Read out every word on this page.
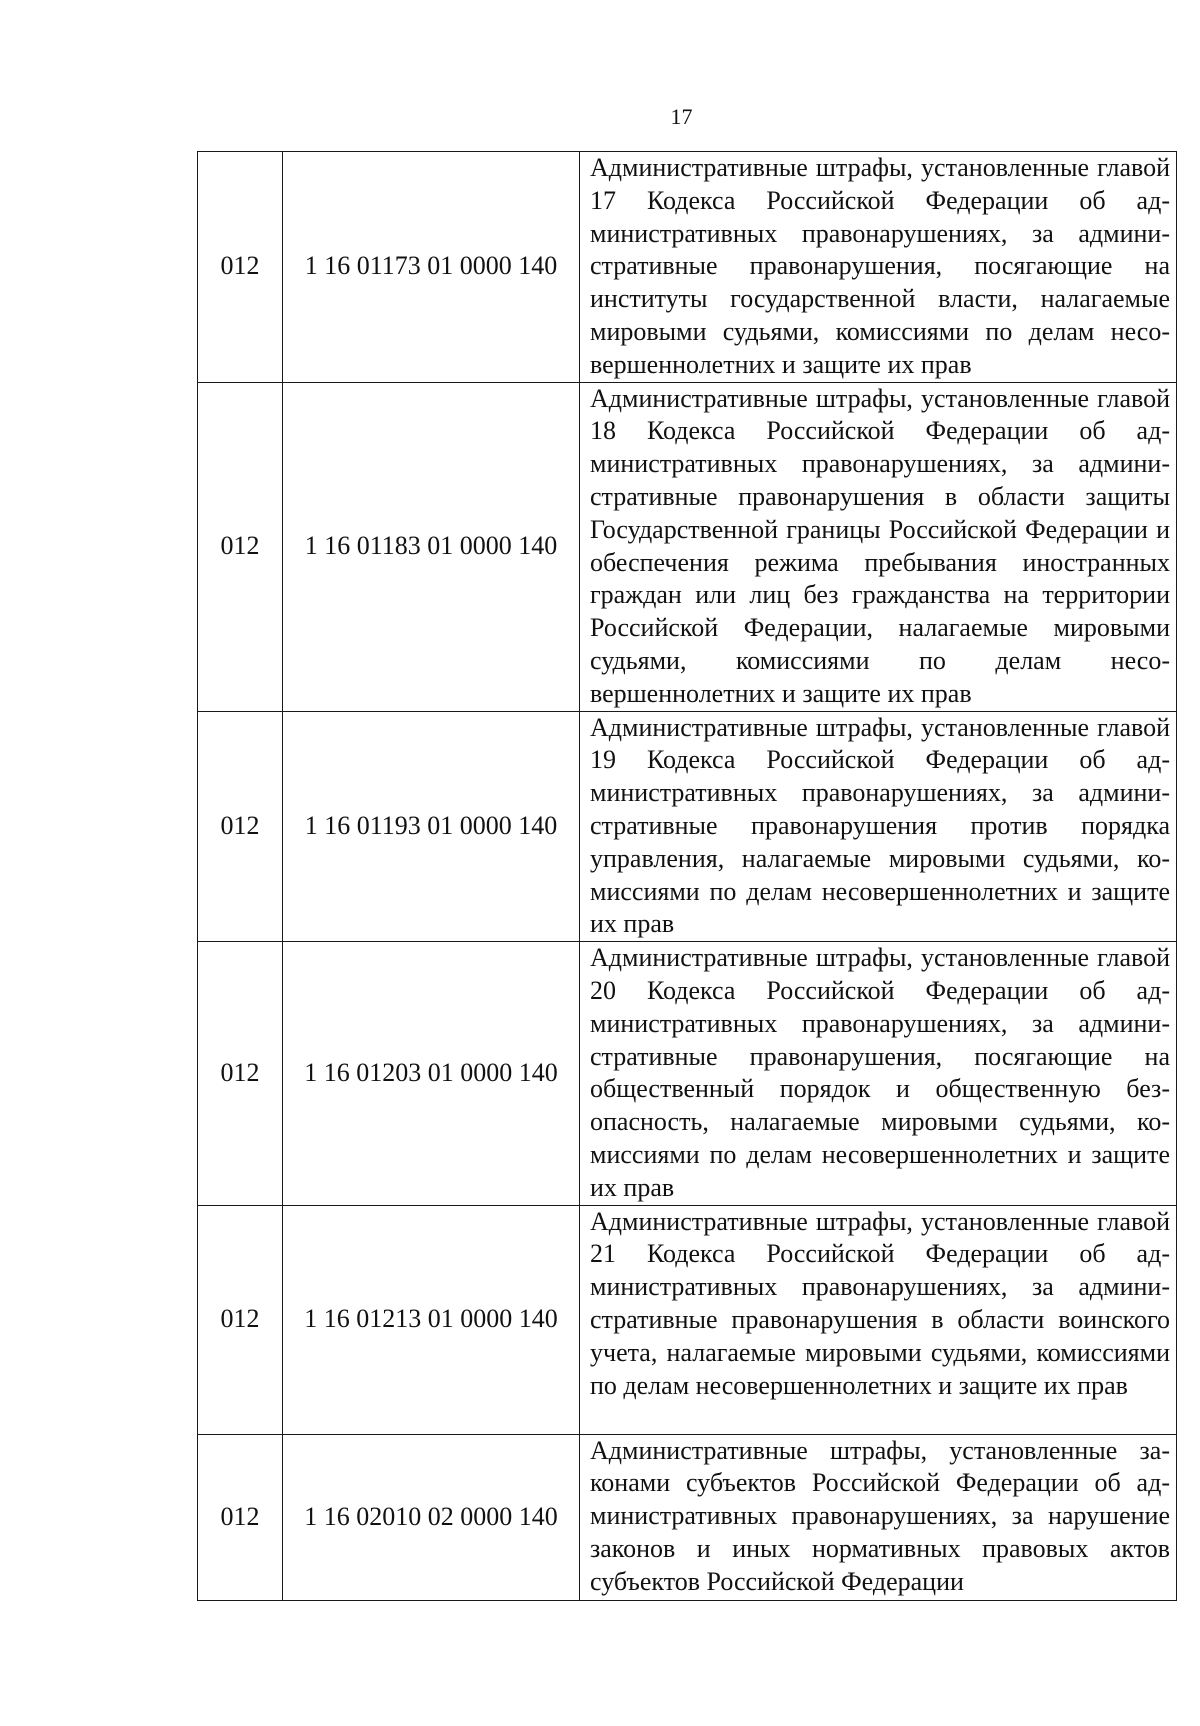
17
012	1 16 01173 01 0000 140	Административные штрафы, установленные главой 17 Кодекса Российской Федерации об административных правонарушениях, за административные правонарушения, посягающие на институты государственной власти, налагаемые мировыми судьями, комиссиями по делам несовершеннолетних и защите их прав

012	1 16 01183 01 0000 140	Административные штрафы, установленные главой 18 Кодекса Российской Федерации об административных правонарушениях, за административные правонарушения в области защиты Государственной границы Российской Федерации и обеспечения режима пребывания иностранных граждан или лиц без гражданства на территории Российской Федерации, налагаемые мировыми судьями, комиссиями по делам несовершеннолетних и защите их прав

012	1 16 01193 01 0000 140	Административные штрафы, установленные главой 19 Кодекса Российской Федерации об административных правонарушениях, за административные правонарушения против порядка управления, налагаемые мировыми судьями, комиссиями по делам несовершеннолетних и защите их прав

012	1 16 01203 01 0000 140	Административные штрафы, установленные главой 20 Кодекса Российской Федерации об административных правонарушениях, за административные правонарушения, посягающие на общественный порядок и общественную безопасность, налагаемые мировыми судьями, комиссиями по делам несовершеннолетних и защите их прав

012	1 16 01213 01 0000 140	Административные штрафы, установленные главой 21 Кодекса Российской Федерации об административных правонарушениях, за административные правонарушения в области воинского учета, налагаемые мировыми судьями, комиссиями по делам несовершеннолетних и защите их прав

012	1 16 02010 02 0000 140	Административные штрафы, установленные законами субъектов Российской Федерации об административных правонарушениях, за нарушение законов и иных нормативных правовых актов субъектов Российской Федерации
